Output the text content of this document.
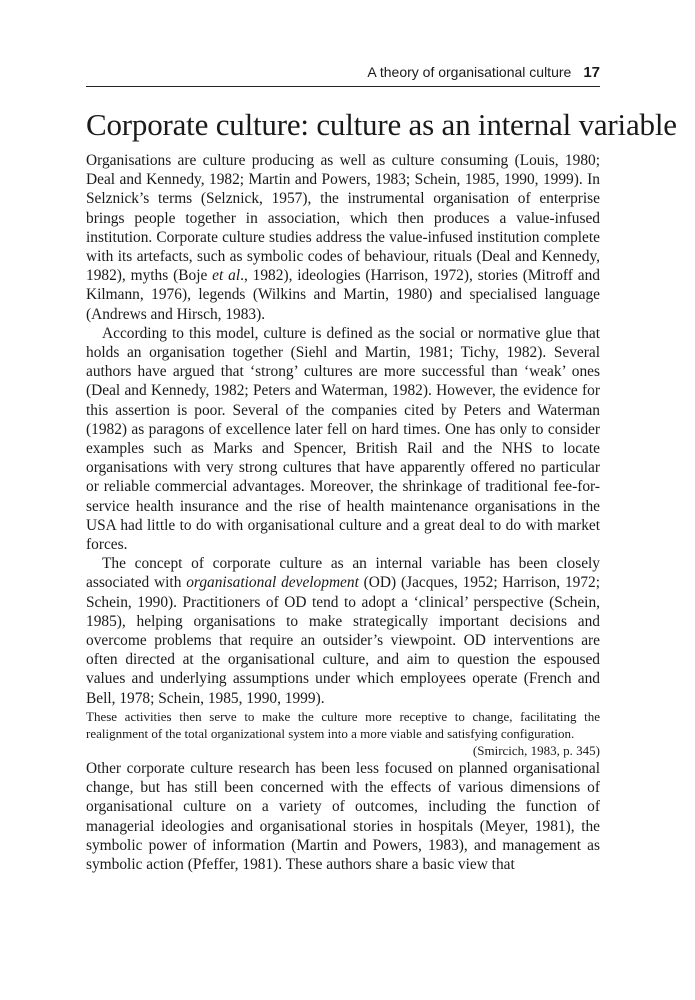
A theory of organisational culture 17
Corporate culture: culture as an internal variable

Organisations are culture producing as well as culture consuming (Louis, 1980; Deal and Kennedy, 1982; Martin and Powers, 1983; Schein, 1985, 1990, 1999). In Selznick’s terms (Selznick, 1957), the instrumental organisation of enterprise brings people together in association, which then produces a value-infused institution. Corporate culture studies address the value-infused institution complete with its artefacts, such as symbolic codes of behaviour, rituals (Deal and Kennedy, 1982), myths (Boje et al., 1982), ideologies (Harrison, 1972), stories (Mitroff and Kilmann, 1976), legends (Wilkins and Martin, 1980) and specialised language (Andrews and Hirsch, 1983).

According to this model, culture is defined as the social or normative glue that holds an organisation together (Siehl and Martin, 1981; Tichy, 1982). Several authors have argued that ‘strong’ cultures are more successful than ‘weak’ ones (Deal and Kennedy, 1982; Peters and Waterman, 1982). However, the evidence for this assertion is poor. Several of the companies cited by Peters and Waterman (1982) as paragons of excellence later fell on hard times. One has only to consider examples such as Marks and Spencer, British Rail and the NHS to locate organisations with very strong cultures that have apparently offered no particular or reliable commercial advantages. Moreover, the shrinkage of traditional fee-for-service health insurance and the rise of health maintenance organisations in the USA had little to do with organisational culture and a great deal to do with market forces.

The concept of corporate culture as an internal variable has been closely associated with organisational development (OD) (Jacques, 1952; Harrison, 1972; Schein, 1990). Practitioners of OD tend to adopt a ‘clinical’ perspective (Schein, 1985), helping organisations to make strategically important decisions and overcome problems that require an outsider’s viewpoint. OD interventions are often directed at the organisational culture, and aim to question the espoused values and underlying assumptions under which employees operate (French and Bell, 1978; Schein, 1985, 1990, 1999).

These activities then serve to make the culture more receptive to change, facilitating the realignment of the total organizational system into a more viable and satisfying configuration.

(Smircich, 1983, p. 345)

Other corporate culture research has been less focused on planned organisational change, but has still been concerned with the effects of various dimensions of organisational culture on a variety of outcomes, including the function of managerial ideologies and organisational stories in hospitals (Meyer, 1981), the symbolic power of information (Martin and Powers, 1983), and management as symbolic action (Pfeffer, 1981). These authors share a basic view that
